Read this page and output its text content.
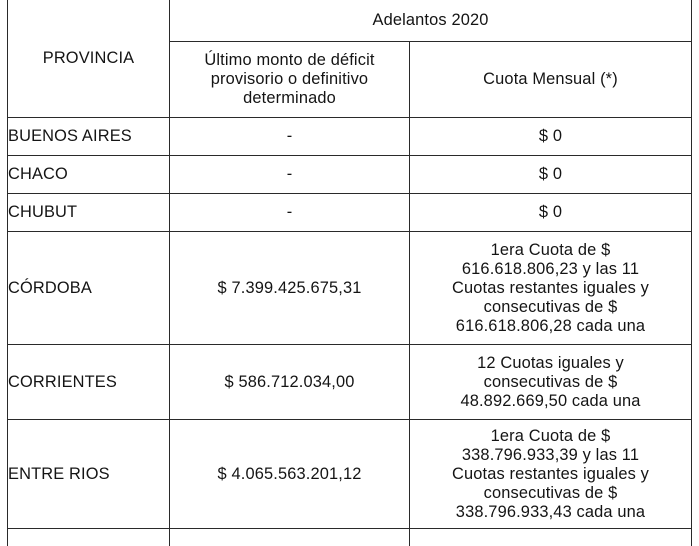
PROVINCIA	Adelantos 2020	

	Último monto de déficit
provisorio o definitivo
determinado	Cuota Mensual (*)
BUENOS AIRES	-	$ 0

CHACO	-	$ 0

CHUBUT	-	$ 0

CÓRDOBA	$ 7.399.425.675,31	1era Cuota de $
616.618.806,23 y las 11
Cuotas restantes iguales y
consecutivas de $
616.618.806,28 cada una

CORRIENTES	$ 586.712.034,00	12 Cuotas iguales y
consecutivas de $
48.892.669,50 cada una

ENTRE RIOS	$ 4.065.563.201,12	1era Cuota de $
338.796.933,39 y las 11
Cuotas restantes iguales y
consecutivas de $
338.796.933,43 cada una
